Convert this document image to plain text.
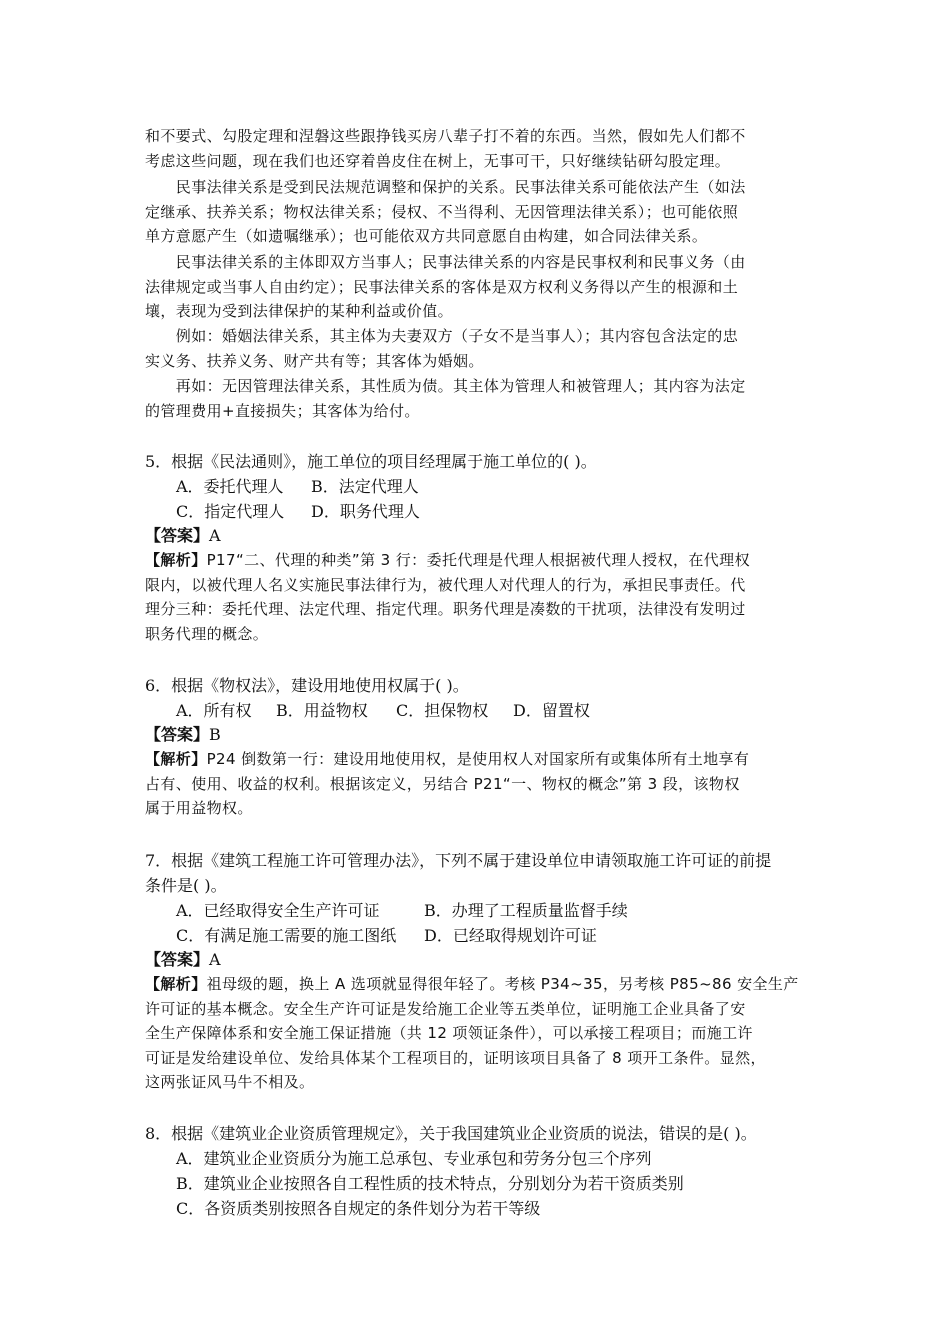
和不要式、勾股定理和涅磐这些跟挣钱买房八辈子打不着的东西。当然，假如先人们都不
考虑这些问题，现在我们也还穿着兽皮住在树上，无事可干，只好继续钻研勾股定理。
　　民事法律关系是受到民法规范调整和保护的关系。民事法律关系可能依法产生（如法
定继承、扶养关系；物权法律关系；侵权、不当得利、无因管理法律关系）；也可能依照
单方意愿产生（如遗嘱继承）；也可能依双方共同意愿自由构建，如合同法律关系。
　　民事法律关系的主体即双方当事人；民事法律关系的内容是民事权利和民事义务（由
法律规定或当事人自由约定）；民事法律关系的客体是双方权利义务得以产生的根源和土
壤，表现为受到法律保护的某种利益或价值。
　　例如：婚姻法律关系，其主体为夫妻双方（子女不是当事人）；其内容包含法定的忠
实义务、扶养义务、财产共有等；其客体为婚姻。
　　再如：无因管理法律关系，其性质为债。其主体为管理人和被管理人；其内容为法定
的管理费用+直接损失；其客体为给付。
5．根据《民法通则》，施工单位的项目经理属于施工单位的( )。
A．委托代理人 B．法定代理人
C．指定代理人 D．职务代理人
【答案】A
【解析】P17“二、代理的种类”第 3 行：委托代理是代理人根据被代理人授权，在代理权
限内，以被代理人名义实施民事法律行为，被代理人对代理人的行为，承担民事责任。代
理分三种：委托代理、法定代理、指定代理。职务代理是凑数的干扰项，法律没有发明过
职务代理的概念。
6．根据《物权法》，建设用地使用权属于( )。
A．所有权 B．用益物权 C．担保物权 D．留置权
【答案】B
【解析】P24 倒数第一行：建设用地使用权，是使用权人对国家所有或集体所有土地享有
占有、使用、收益的权利。根据该定义，另结合 P21“一、物权的概念”第 3 段，该物权
属于用益物权。
7．根据《建筑工程施工许可管理办法》，下列不属于建设单位申请领取施工许可证的前提
条件是( )。
A．已经取得安全生产许可证	B．办理了工程质量监督手续
C．有满足施工需要的施工图纸 D．已经取得规划许可证
【答案】A
【解析】祖母级的题，换上 A 选项就显得很年轻了。考核 P34~35，另考核 P85~86 安全生产
许可证的基本概念。安全生产许可证是发给施工企业等五类单位，证明施工企业具备了安
全生产保障体系和安全施工保证措施（共 12 项领证条件），可以承接工程项目；而施工许
可证是发给建设单位、发给具体某个工程项目的，证明该项目具备了 8 项开工条件。显然，
这两张证风马牛不相及。
8．根据《建筑业企业资质管理规定》，关于我国建筑业企业资质的说法，错误的是( )。
A．建筑业企业资质分为施工总承包、专业承包和劳务分包三个序列
B．建筑业企业按照各自工程性质的技术特点，分别划分为若干资质类别
C．各资质类别按照各自规定的条件划分为若干等级
